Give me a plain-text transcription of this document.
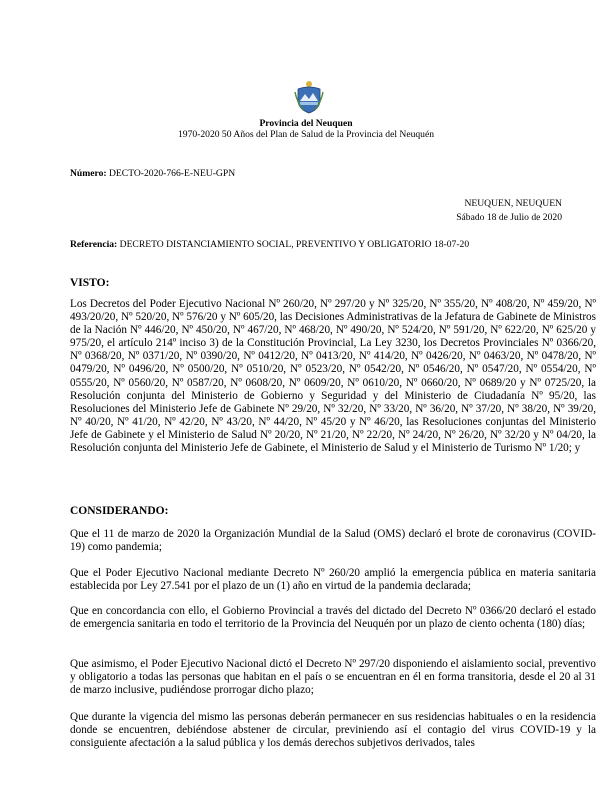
Provincia del Neuquen
1970-2020 50 Años del Plan de Salud de la Provincia del Neuquén
Número: DECTO-2020-766-E-NEU-GPN
NEUQUEN, NEUQUEN
Sábado 18 de Julio de 2020
Referencia: DECRETO DISTANCIAMIENTO SOCIAL, PREVENTIVO Y OBLIGATORIO 18-07-20
VISTO:

Los Decretos del Poder Ejecutivo Nacional Nº 260/20, Nº 297/20 y Nº 325/20, Nº 355/20, Nº 408/20, Nº 459/20, Nº 493/20/20, Nº 520/20, Nº 576/20 y Nº 605/20, las Decisiones Administrativas de la Jefatura de Gabinete de Ministros de la Nación Nº 446/20, Nº 450/20, Nº 467/20, Nº 468/20, Nº 490/20, Nº 524/20, Nº 591/20, Nº 622/20, Nº 625/20 y 975/20, el artículo 214º inciso 3) de la Constitución Provincial, La Ley 3230, los Decretos Provinciales Nº 0366/20, Nº 0368/20, Nº 0371/20, Nº 0390/20, Nº 0412/20, Nº 0413/20, Nº 414/20, Nº 0426/20, Nº 0463/20, Nº 0478/20, Nº 0479/20, Nº 0496/20, Nº 0500/20, Nº 0510/20, Nº 0523/20, Nº 0542/20, Nº 0546/20, Nº 0547/20, Nº 0554/20, Nº 0555/20, Nº 0560/20, Nº 0587/20, Nº 0608/20, Nº 0609/20, Nº 0610/20, Nº 0660/20, Nº 0689/20 y Nº 0725/20, la Resolución conjunta del Ministerio de Gobierno y Seguridad y del Ministerio de Ciudadanía Nº 95/20, las Resoluciones del Ministerio Jefe de Gabinete Nº 29/20, Nº 32/20, Nº 33/20, Nº 36/20, Nº 37/20, Nº 38/20, Nº 39/20, Nº 40/20, Nº 41/20, Nº 42/20, Nº 43/20, Nº 44/20, Nº 45/20 y Nº 46/20, las Resoluciones conjuntas del Ministerio Jefe de Gabinete y el Ministerio de Salud Nº 20/20, Nº 21/20, Nº 22/20, Nº 24/20, Nº 26/20, Nº 32/20 y Nº 04/20, la Resolución conjunta del Ministerio Jefe de Gabinete, el Ministerio de Salud y el Ministerio de Turismo Nº 1/20; y

CONSIDERANDO:

Que el 11 de marzo de 2020 la Organización Mundial de la Salud (OMS) declaró el brote de coronavirus (COVID-19) como pandemia;

Que el Poder Ejecutivo Nacional mediante Decreto Nº 260/20 amplió la emergencia pública en materia sanitaria establecida por Ley 27.541 por el plazo de un (1) año en virtud de la pandemia declarada;

Que en concordancia con ello, el Gobierno Provincial a través del dictado del Decreto Nº 0366/20 declaró el estado de emergencia sanitaria en todo el territorio de la Provincia del Neuquén por un plazo de ciento ochenta (180) días;

Que asimismo, el Poder Ejecutivo Nacional dictó el Decreto Nº 297/20 disponiendo el aislamiento social, preventivo y obligatorio a todas las personas que habitan en el país o se encuentran en él en forma transitoria, desde el 20 al 31 de marzo inclusive, pudiéndose prorrogar dicho plazo;

Que durante la vigencia del mismo las personas deberán permanecer en sus residencias habituales o en la residencia donde se encuentren, debiéndose abstener de circular, previniendo así el contagio del virus COVID-19 y la consiguiente afectación a la salud pública y los demás derechos subjetivos derivados, tales
